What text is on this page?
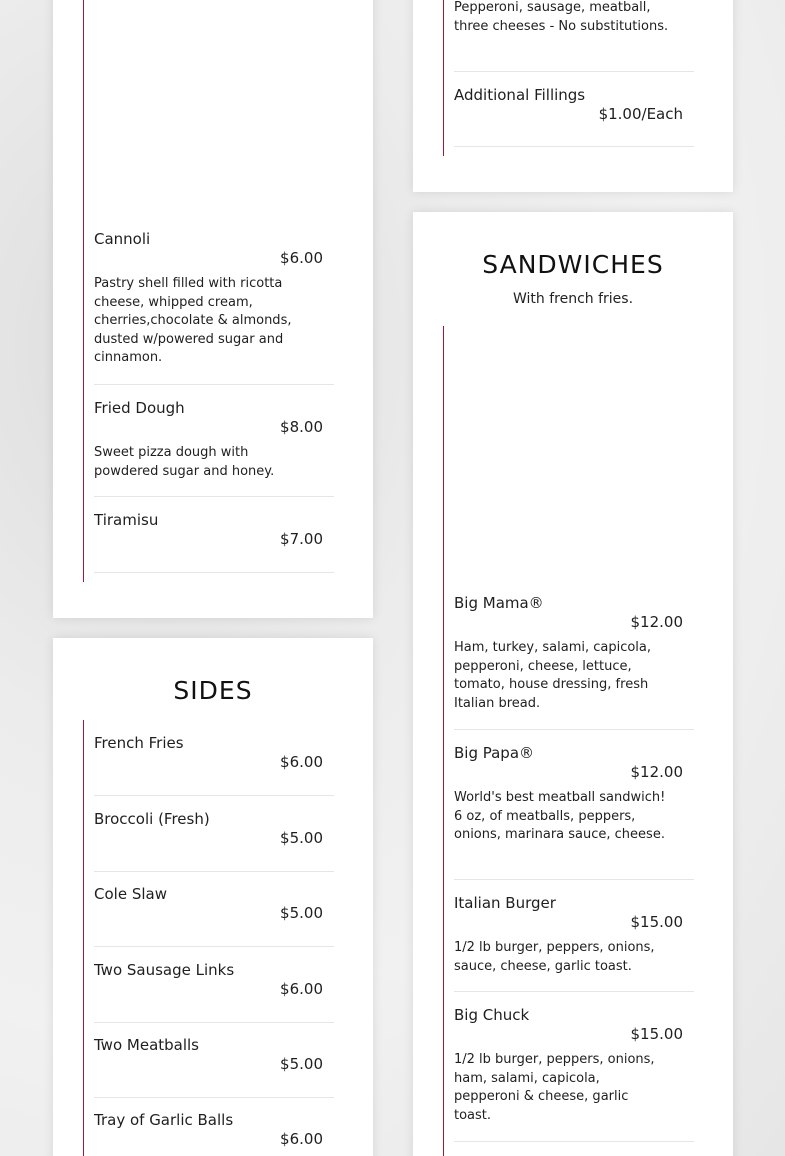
Cannoli
$6.00
Pastry shell filled with ricotta cheese, whipped cream, cherries,chocolate & almonds, dusted w/powered sugar and cinnamon.
Fried Dough
$8.00
Sweet pizza dough with powdered sugar and honey.
Tiramisu
$7.00
SIDES
French Fries
$6.00
Broccoli (Fresh)
$5.00
Cole Slaw
$5.00
Two Sausage Links
$6.00
Two Meatballs
$5.00
Tray of Garlic Balls
$6.00
Pepperoni, sausage, meatball, three cheeses - No substitutions.
Additional Fillings
$1.00/Each
SANDWICHES
With french fries.
Big Mama®
$12.00
Ham, turkey, salami, capicola, pepperoni, cheese, lettuce, tomato, house dressing, fresh Italian bread.
Big Papa®
$12.00
World's best meatball sandwich! 6 oz, of meatballs, peppers, onions, marinara sauce, cheese.
Italian Burger
$15.00
1/2 lb burger, peppers, onions, sauce, cheese, garlic toast.
Big Chuck
$15.00
1/2 lb burger, peppers, onions, ham, salami, capicola, pepperoni & cheese, garlic toast.
